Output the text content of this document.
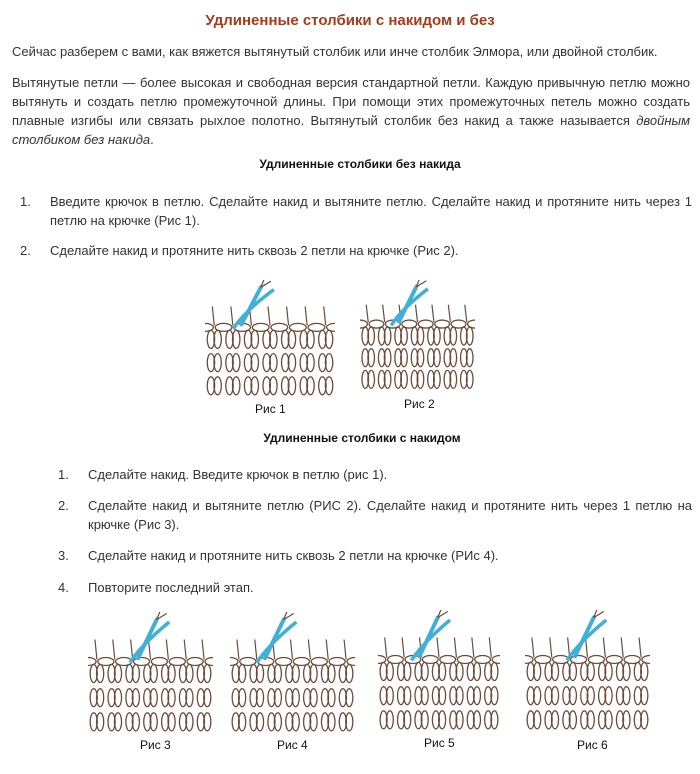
Удлиненные столбики с накидом и без
Сейчас разберем с вами, как вяжется вытянутый столбик или инче столбик Элмора, или двойной столбик.
Вытянутые петли — более высокая и свободная версия стандартной петли. Каждую привычную петлю можно вытянуть и создать петлю промежуточной длины. При помощи этих промежуточных петель можно создать плавные изгибы или связать рыхлое полотно. Вытянутый столбик без накид а также называется двойным столбиком без накида.
Удлиненные столбики без накида
1.	Введите крючок в петлю. Сделайте накид и вытяните петлю. Сделайте накид и протяните нить через 1 петлю на крючке (Рис 1).
2.	Сделайте накид и протяните нить сквозь 2 петли на крючке (Рис 2).
Рис 1	Рис 2
Удлиненные столбики с накидом
1.	Сделайте накид. Введите крючок в петлю (рис 1).
2.	Сделайте накид и вытяните петлю (РИС 2). Сделайте накид и протяните нить через 1 петлю на крючке (Рис 3).
3.	Сделайте накид и протяните нить сквозь 2 петли на крючке (РИс 4).
4.	Повторите последний этап.
Рис 3	Рис 4	Рис 5	Рис 6
